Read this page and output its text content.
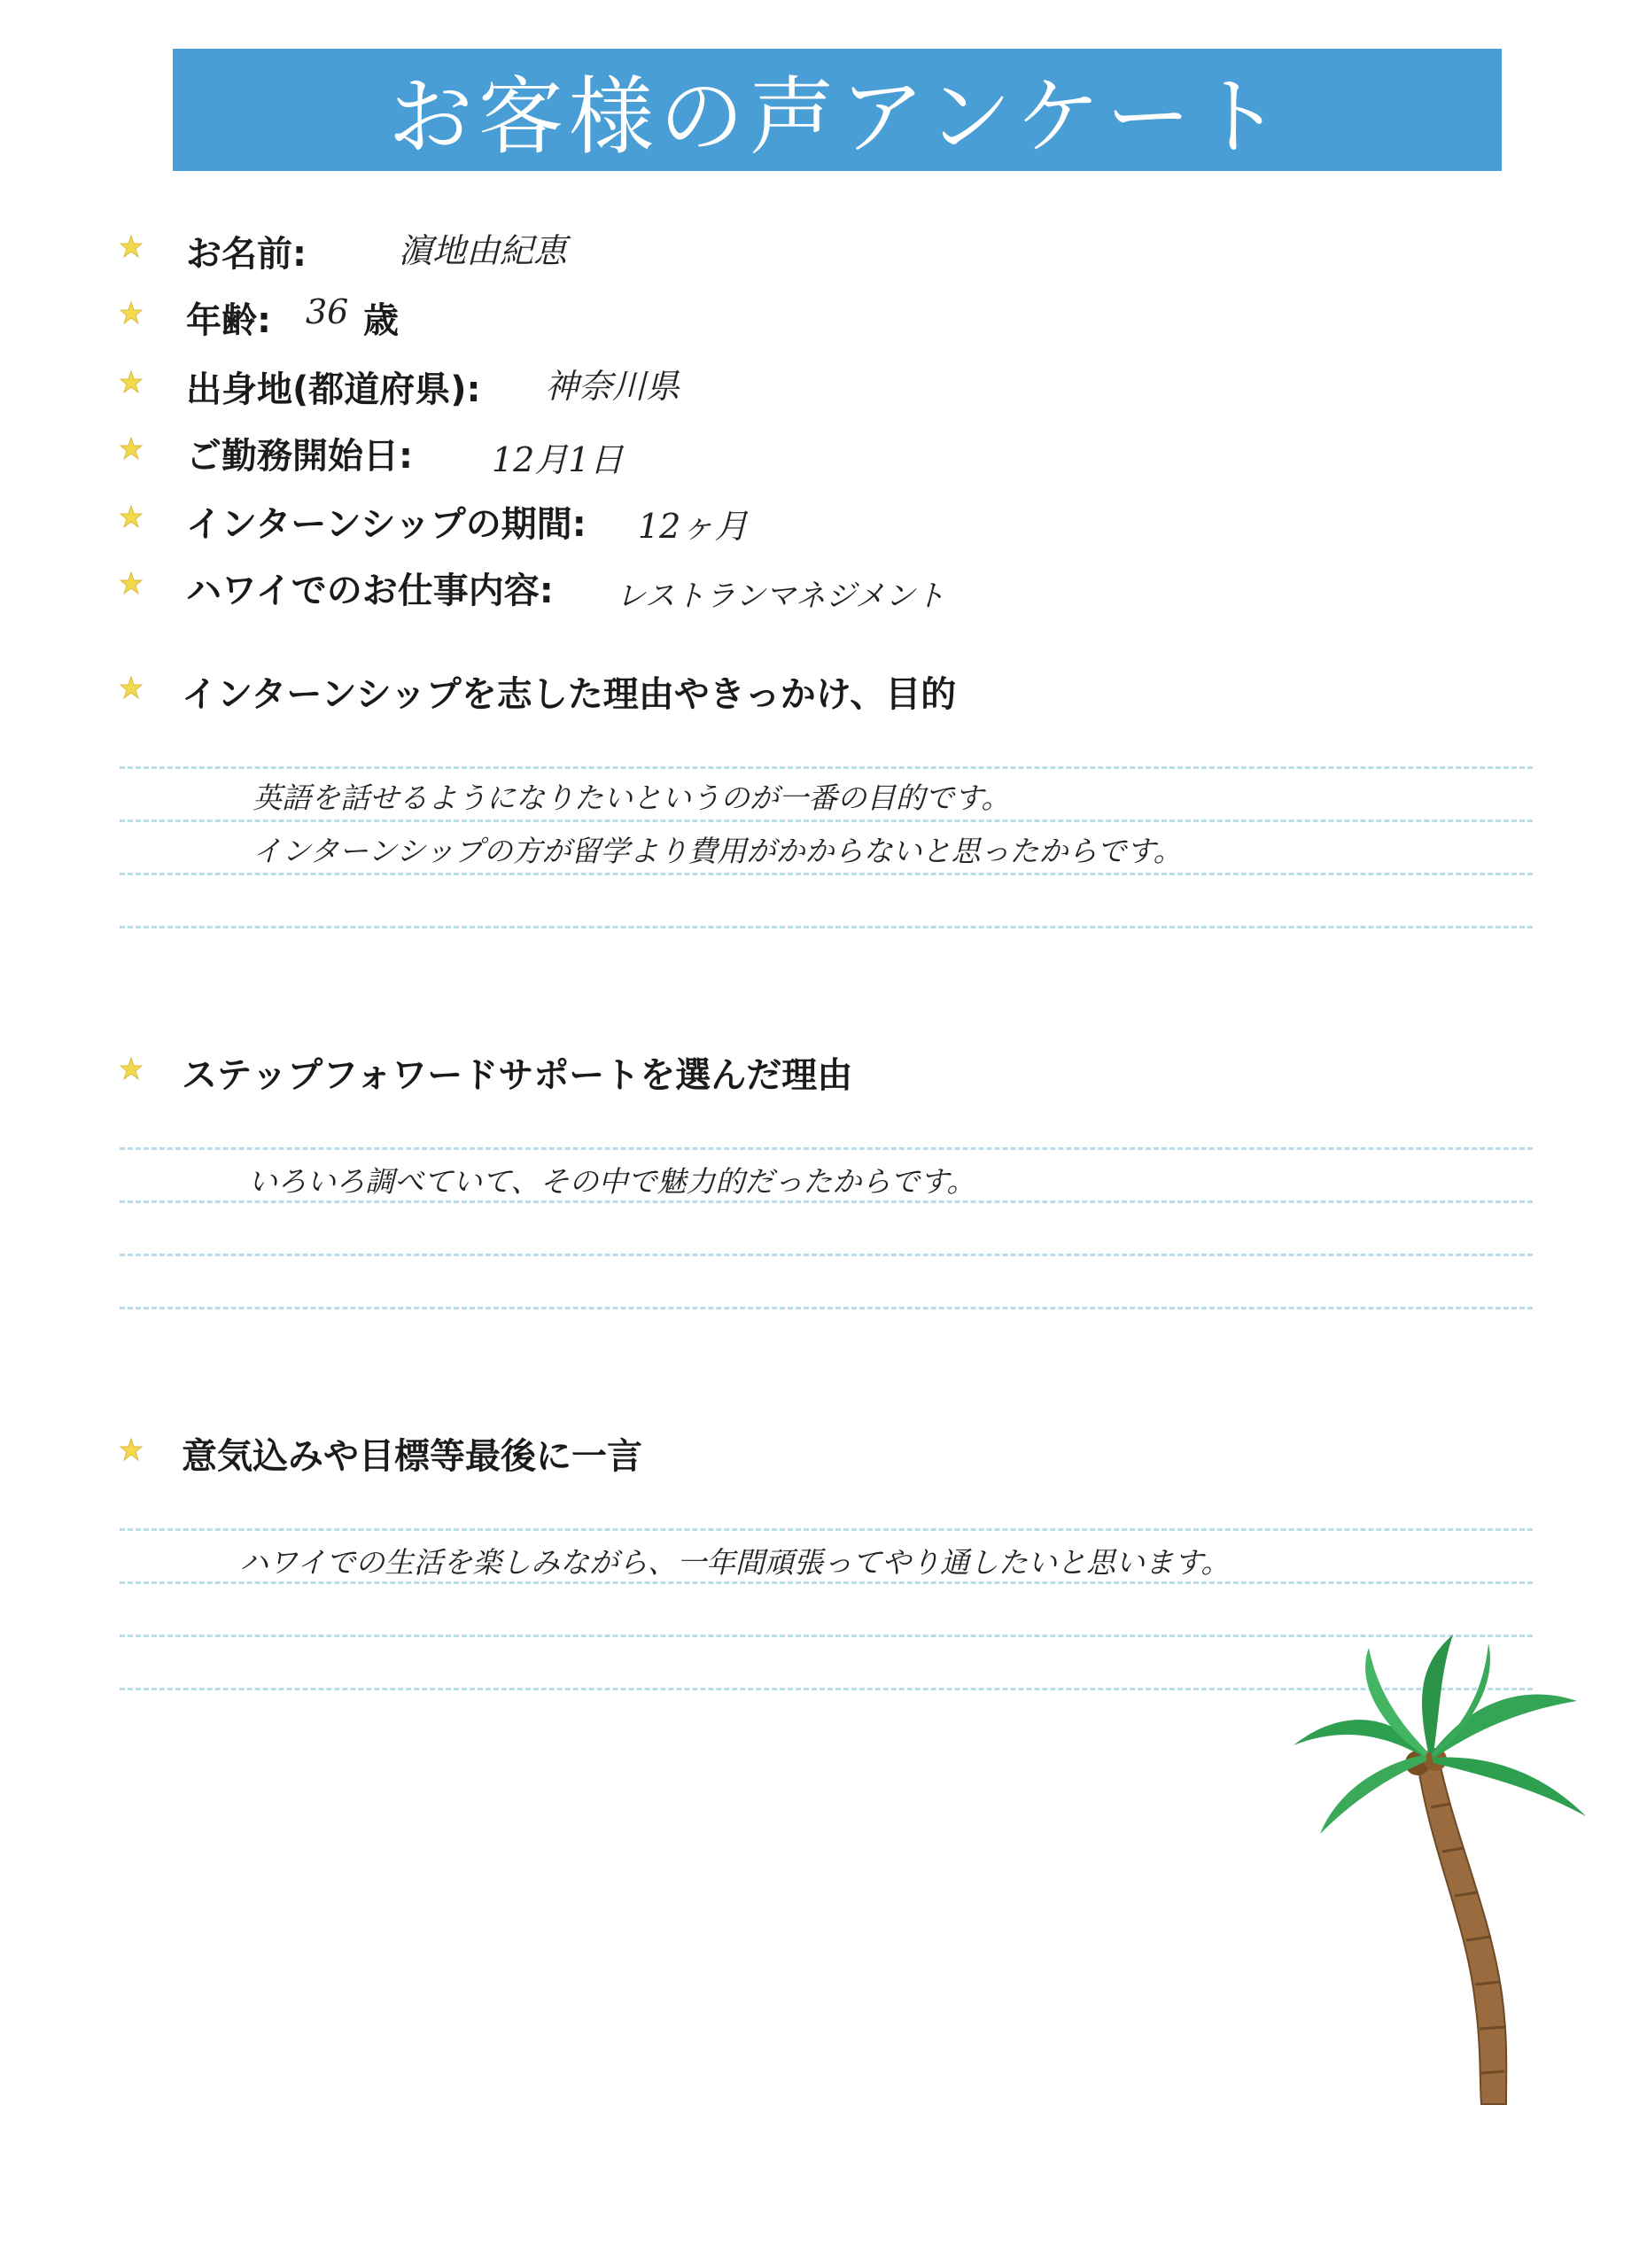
お客様の声アンケート
お名前:	濵地由紀恵
年齢: 36 歳
出身地(都道府県): 神奈川県
ご勤務開始日: 12月1日
インターンシップの期間: 12ヶ月
ハワイでのお仕事内容: レストランマネジメント
インターンシップを志した理由やきっかけ、目的
英語を話せるようになりたいというのが一番の目的です。
インターンシップの方が留学より費用がかからないと思ったからです。
ステップフォワードサポートを選んだ理由
いろいろ調べていて、その中で魅力的だったからです。
意気込みや目標等最後に一言
ハワイでの生活を楽しみながら、一年間頑張ってやり通したいと思います。
